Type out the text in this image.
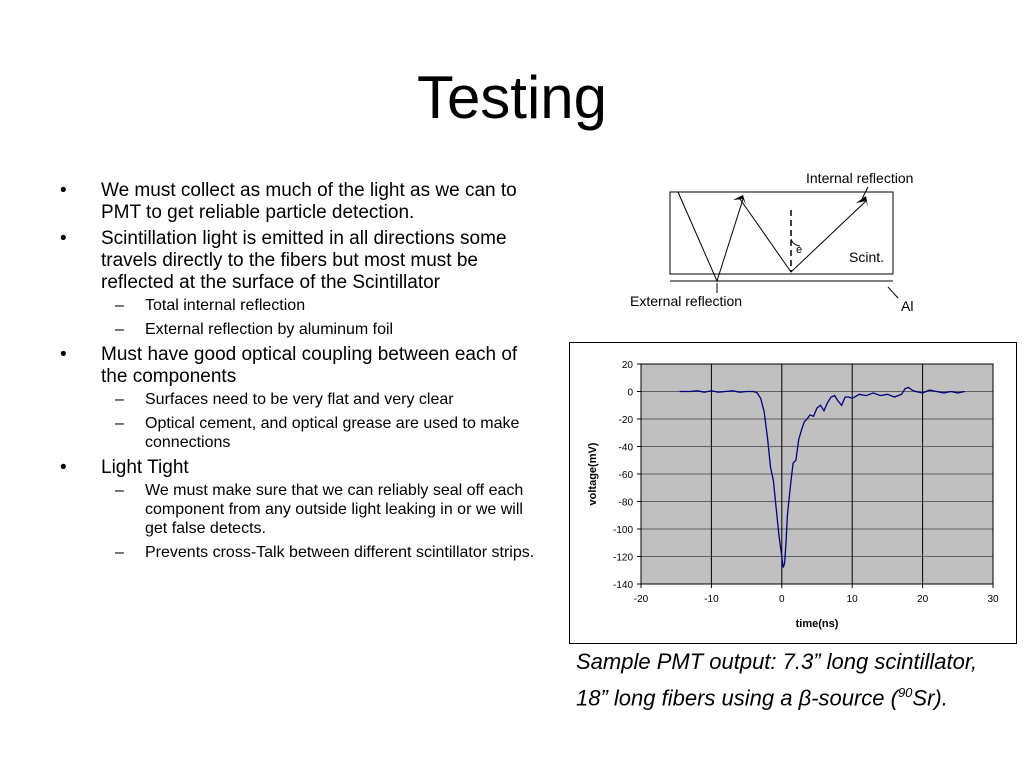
Testing
• We must collect as much of the light as we can to PMT to get reliable particle detection.
• Scintillation light is emitted in all directions some travels directly to the fibers but most must be reflected at the surface of the Scintillator
– Total internal reflection
– External reflection by aluminum foil
• Must have good optical coupling between each of the components
– Surfaces need to be very flat and very clear
– Optical cement, and optical grease are used to make connections
• Light Tight
– We must make sure that we can reliably seal off each component from any outside light leaking in or we will get false detects.
– Prevents cross-Talk between different scintillator strips.
Internal reflection
e	Scint.
External reflection	Al
20
0
-20
-40
-60
-80
-100
-120
-140
-20	-10	0	10	20	30
time(ns)
voltage(mV)
Sample PMT output: 7.3” long scintillator, 18” long fibers using a β-source ($^{90}$Sr).
